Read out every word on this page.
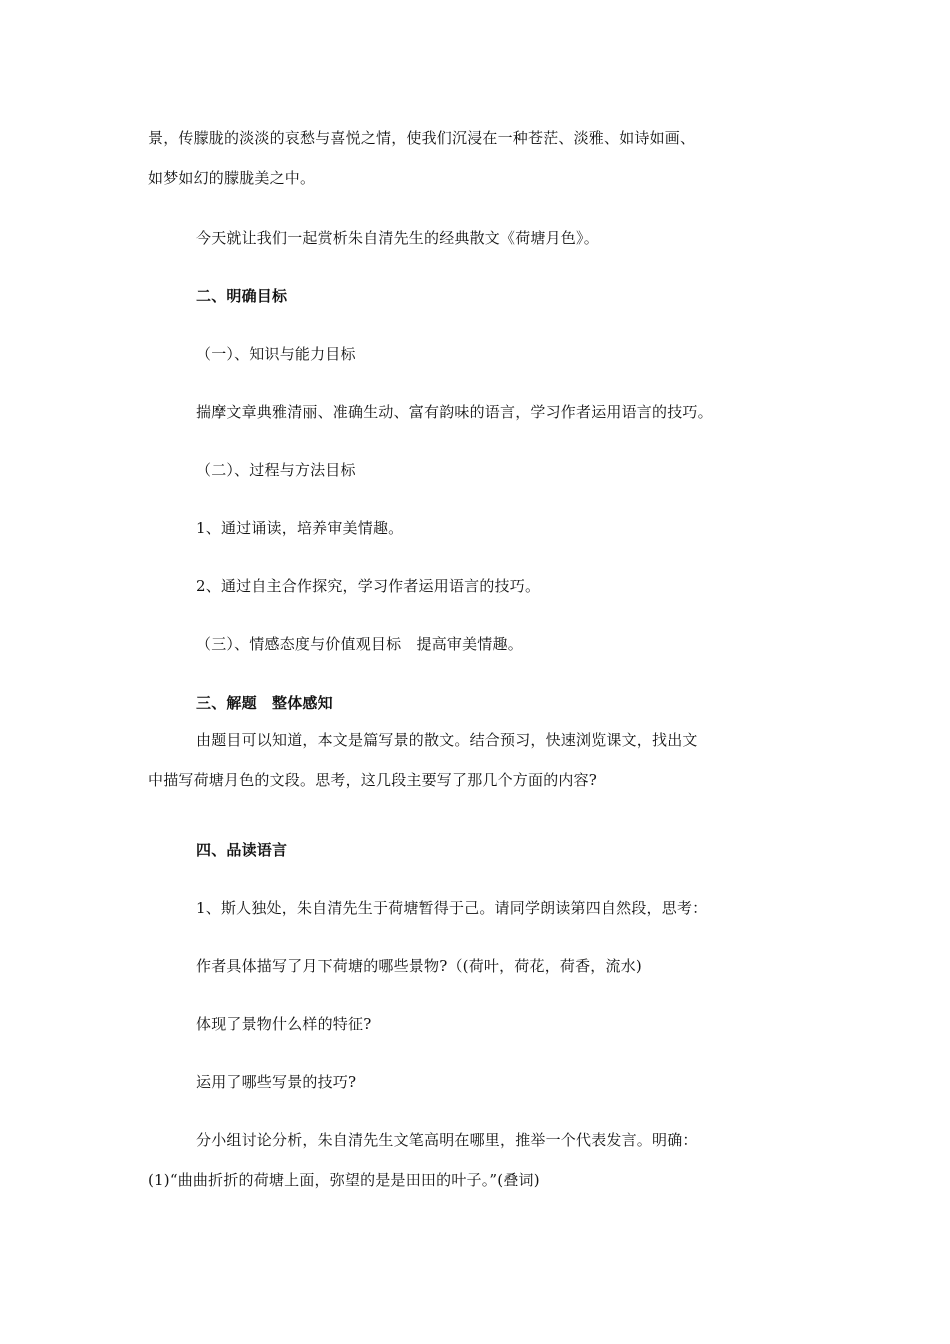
景，传朦胧的淡淡的哀愁与喜悦之情，使我们沉浸在一种苍茫、淡雅、如诗如画、
如梦如幻的朦胧美之中。
今天就让我们一起赏析朱自清先生的经典散文《荷塘月色》。
二、明确目标
（一）、知识与能力目标
揣摩文章典雅清丽、准确生动、富有韵味的语言，学习作者运用语言的技巧。
（二）、过程与方法目标
1、通过诵读，培养审美情趣。
2、通过自主合作探究，学习作者运用语言的技巧。
（三）、情感态度与价值观目标　提高审美情趣。
三、解题　整体感知
由题目可以知道，本文是篇写景的散文。结合预习，快速浏览课文，找出文
中描写荷塘月色的文段。思考，这几段主要写了那几个方面的内容?
四、品读语言
1、斯人独处，朱自清先生于荷塘暂得于己。请同学朗读第四自然段，思考：
作者具体描写了月下荷塘的哪些景物?（(荷叶，荷花，荷香，流水)
体现了景物什么样的特征?
运用了哪些写景的技巧?
分小组讨论分析，朱自清先生文笔高明在哪里，推举一个代表发言。明确：
(1)“曲曲折折的荷塘上面，弥望的是是田田的叶子。”(叠词)
